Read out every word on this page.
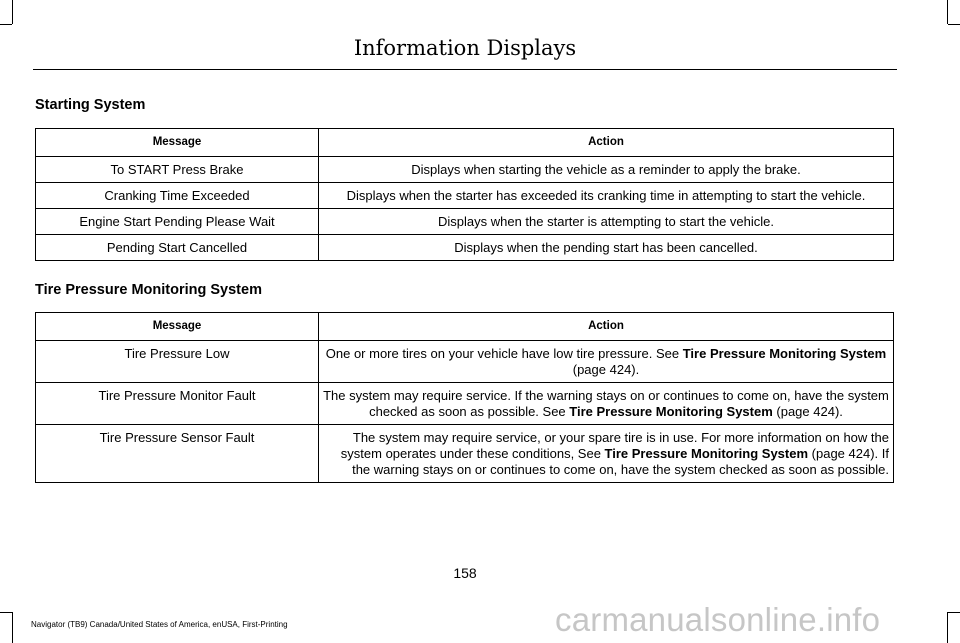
Information Displays
Starting System
Message	Action
To START Press Brake	Displays when starting the vehicle as a reminder to apply the brake.
Cranking Time Exceeded	Displays when the starter has exceeded its cranking time in attempting to start the vehicle.
Engine Start Pending Please Wait	Displays when the starter is attempting to start the vehicle.
Pending Start Cancelled	Displays when the pending start has been cancelled.
Tire Pressure Monitoring System
Message	Action
Tire Pressure Low	One or more tires on your vehicle have low tire pressure. See Tire Pressure Monitoring System (page 424).
Tire Pressure Monitor Fault	The system may require service. If the warning stays on or continues to come on, have the system checked as soon as possible. See Tire Pressure Monitoring System (page 424).
Tire Pressure Sensor Fault	The system may require service, or your spare tire is in use. For more information on how the system operates under these conditions, See Tire Pressure Monitoring System (page 424). If the warning stays on or continues to come on, have the system checked as soon as possible.
158
Navigator (TB9) Canada/United States of America, enUSA, First-Printing	carmanualsonline.info
